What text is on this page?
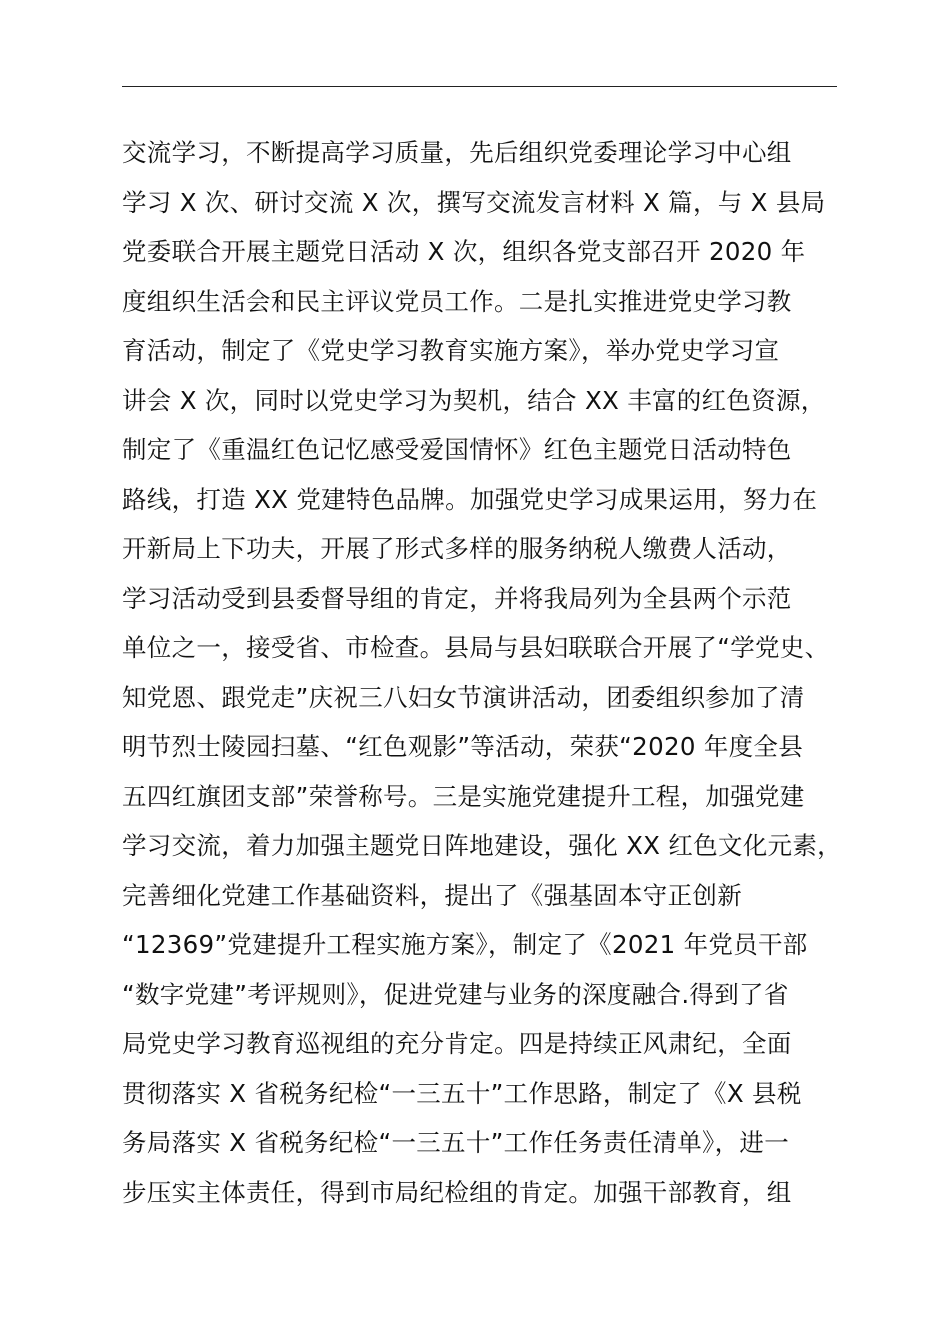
交流学习，不断提高学习质量，先后组织党委理论学习中心组
学习 X 次、研讨交流 X 次，撰写交流发言材料 X 篇，与 X 县局
党委联合开展主题党日活动 X 次，组织各党支部召开 2020 年
度组织生活会和民主评议党员工作。二是扎实推进党史学习教
育活动，制定了《党史学习教育实施方案》，举办党史学习宣
讲会 X 次，同时以党史学习为契机，结合 XX 丰富的红色资源，
制定了《重温红色记忆感受爱国情怀》红色主题党日活动特色
路线，打造 XX 党建特色品牌。加强党史学习成果运用，努力在
开新局上下功夫，开展了形式多样的服务纳税人缴费人活动，
学习活动受到县委督导组的肯定，并将我局列为全县两个示范
单位之一，接受省、市检查。县局与县妇联联合开展了“学党史、
知党恩、跟党走”庆祝三八妇女节演讲活动，团委组织参加了清
明节烈士陵园扫墓、“红色观影”等活动，荣获“2020 年度全县
五四红旗团支部”荣誉称号。三是实施党建提升工程，加强党建
学习交流，着力加强主题党日阵地建设，强化 XX 红色文化元素，
完善细化党建工作基础资料，提出了《强基固本守正创新
“12369”党建提升工程实施方案》，制定了《2021 年党员干部
“数字党建”考评规则》，促进党建与业务的深度融合.得到了省
局党史学习教育巡视组的充分肯定。四是持续正风肃纪，全面
贯彻落实 X 省税务纪检“一三五十”工作思路，制定了《X 县税
务局落实 X 省税务纪检“一三五十”工作任务责任清单》，进一
步压实主体责任，得到市局纪检组的肯定。加强干部教育，组
